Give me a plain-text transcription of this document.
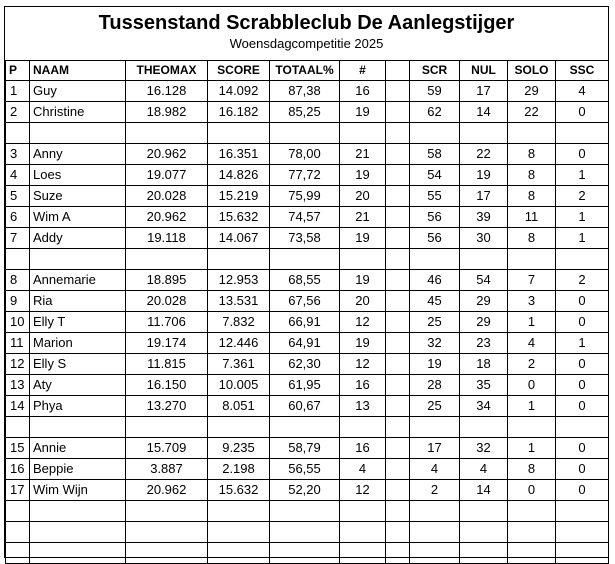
Tussenstand Scrabbleclub De Aanlegstijger
Woensdagcompetitie 2025
P	NAAM	THEOMAX	SCORE	TOTAAL%	#		SCR	NUL	SOLO	SSC
1	Guy	16.128	14.092	87,38	16		59	17	29	4
2	Christine	18.982	16.182	85,25	19		62	14	22	0

3	Anny	20.962	16.351	78,00	21		58	22	8	0
4	Loes	19.077	14.826	77,72	19		54	19	8	1
5	Suze	20.028	15.219	75,99	20		55	17	8	2
6	Wim A	20.962	15.632	74,57	21		56	39	11	1
7	Addy	19.118	14.067	73,58	19		56	30	8	1

8	Annemarie	18.895	12.953	68,55	19		46	54	7	2
9	Ria	20.028	13.531	67,56	20		45	29	3	0
10	Elly T	11.706	7.832	66,91	12		25	29	1	0
11	Marion	19.174	12.446	64,91	19		32	23	4	1
12	Elly S	11.815	7.361	62,30	12		19	18	2	0
13	Aty	16.150	10.005	61,95	16		28	35	0	0
14	Phya	13.270	8.051	60,67	13		25	34	1	0

15	Annie	15.709	9.235	58,79	16		17	32	1	0
16	Beppie	3.887	2.198	56,55	4		4	4	8	0
17	Wim Wijn	20.962	15.632	52,20	12		2	14	0	0
